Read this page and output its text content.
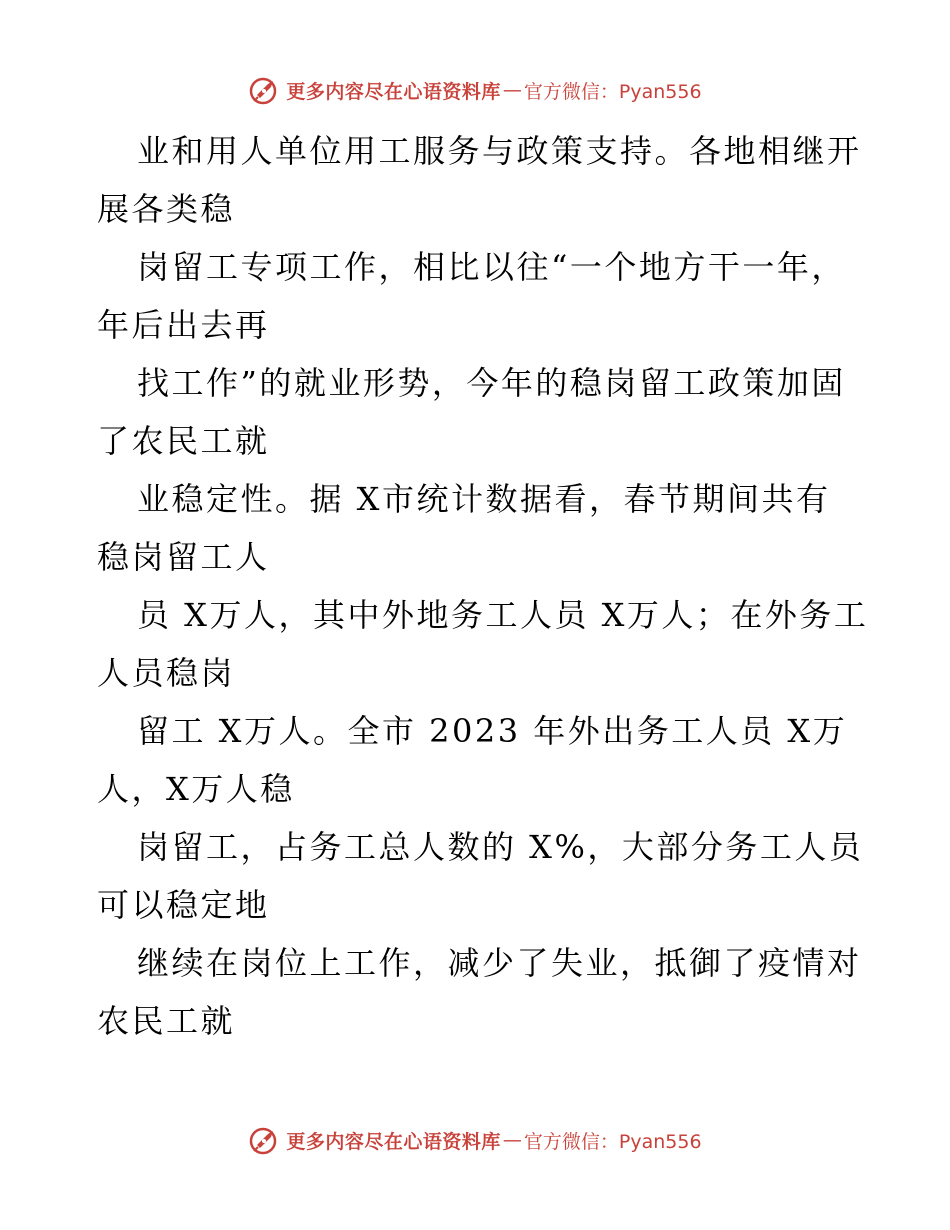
更多内容尽在心语资料库 — 官方微信：Pyan556
业和用人单位用工服务与政策支持。各地相继开
展各类稳
岗留工专项工作，相比以往“一个地方干一年，
年后出去再
找工作”的就业形势，今年的稳岗留工政策加固
了农民工就
业稳定性。据 X市统计数据看，春节期间共有
稳岗留工人
员 X万人，其中外地务工人员 X万人；在外务工
人员稳岗
留工 X万人。全市 2023 年外出务工人员 X万
人，X万人稳
岗留工，占务工总人数的 X%，大部分务工人员
可以稳定地
继续在岗位上工作，减少了失业，抵御了疫情对
农民工就
更多内容尽在心语资料库 — 官方微信：Pyan556
